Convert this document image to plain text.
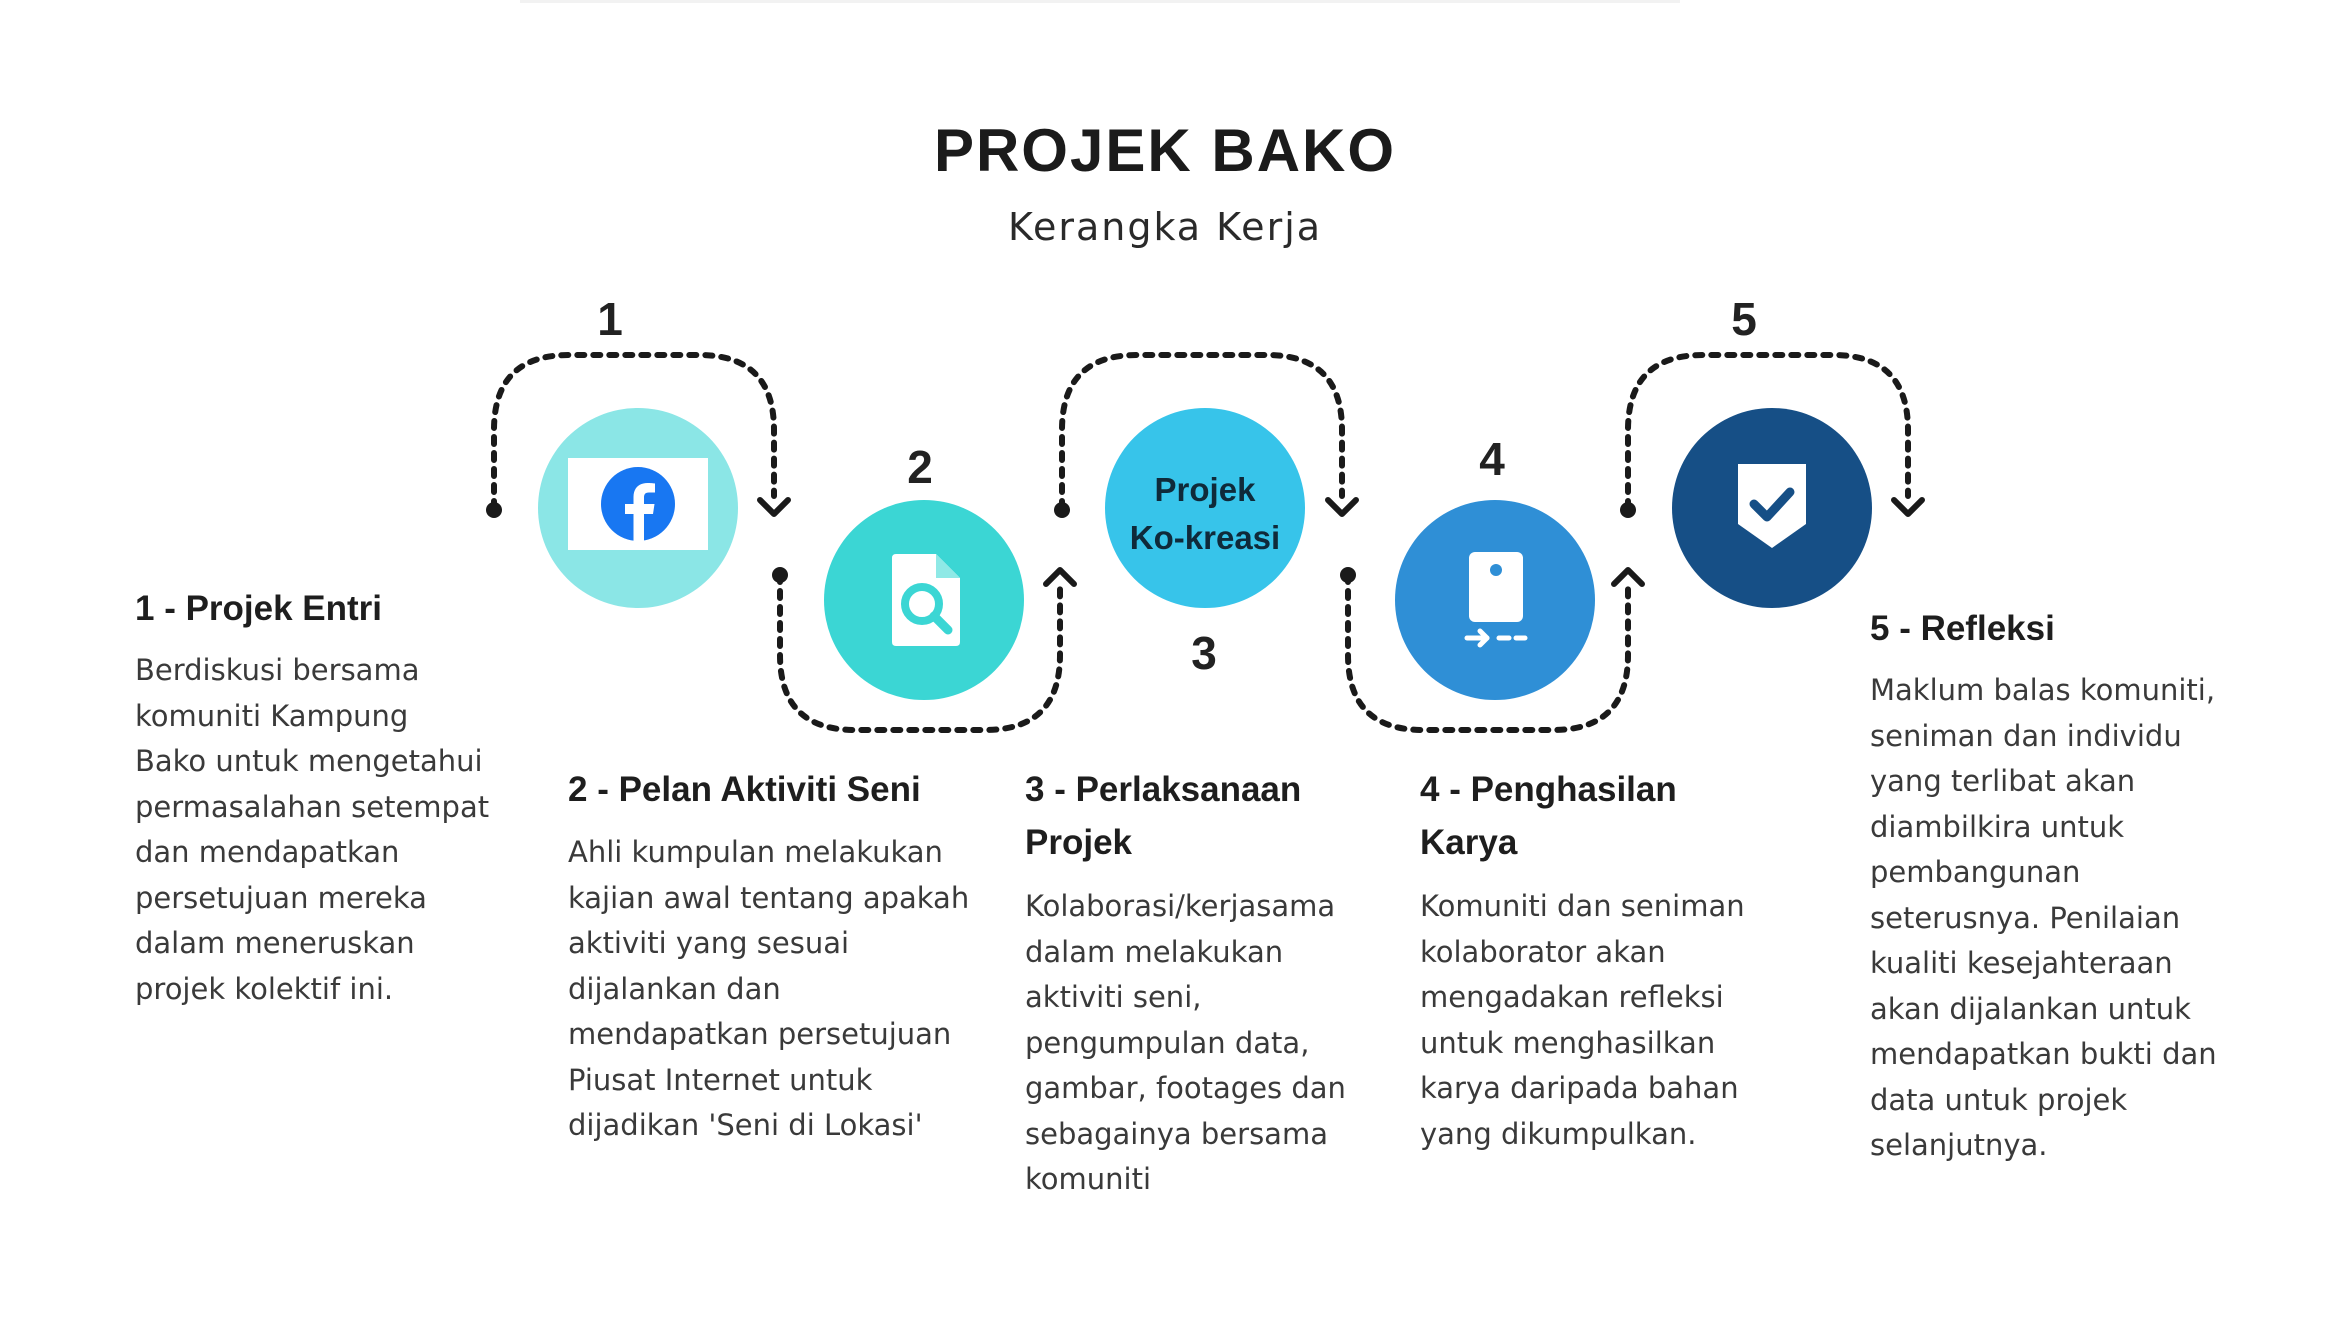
PROJEK BAKO
Kerangka Kerja
1
2
3
4
5
Projek
Ko-kreasi
1 - Projek Entri
Berdiskusi bersama
komuniti Kampung
Bako untuk mengetahui
permasalahan setempat
dan mendapatkan
persetujuan mereka
dalam meneruskan
projek kolektif ini.
2 - Pelan Aktiviti Seni
Ahli kumpulan melakukan
kajian awal tentang apakah
aktiviti yang sesuai
dijalankan dan
mendapatkan persetujuan
Piusat Internet untuk
dijadikan 'Seni di Lokasi'
3 - Perlaksanaan
Projek
Kolaborasi/kerjasama
dalam melakukan
aktiviti seni,
pengumpulan data,
gambar, footages dan
sebagainya bersama
komuniti
4 - Penghasilan
Karya
Komuniti dan seniman
kolaborator akan
mengadakan refleksi
untuk menghasilkan
karya daripada bahan
yang dikumpulkan.
5 - Refleksi
Maklum balas komuniti,
seniman dan individu
yang terlibat akan
diambilkira untuk
pembangunan
seterusnya. Penilaian
kualiti kesejahteraan
akan dijalankan untuk
mendapatkan bukti dan
data untuk projek
selanjutnya.
